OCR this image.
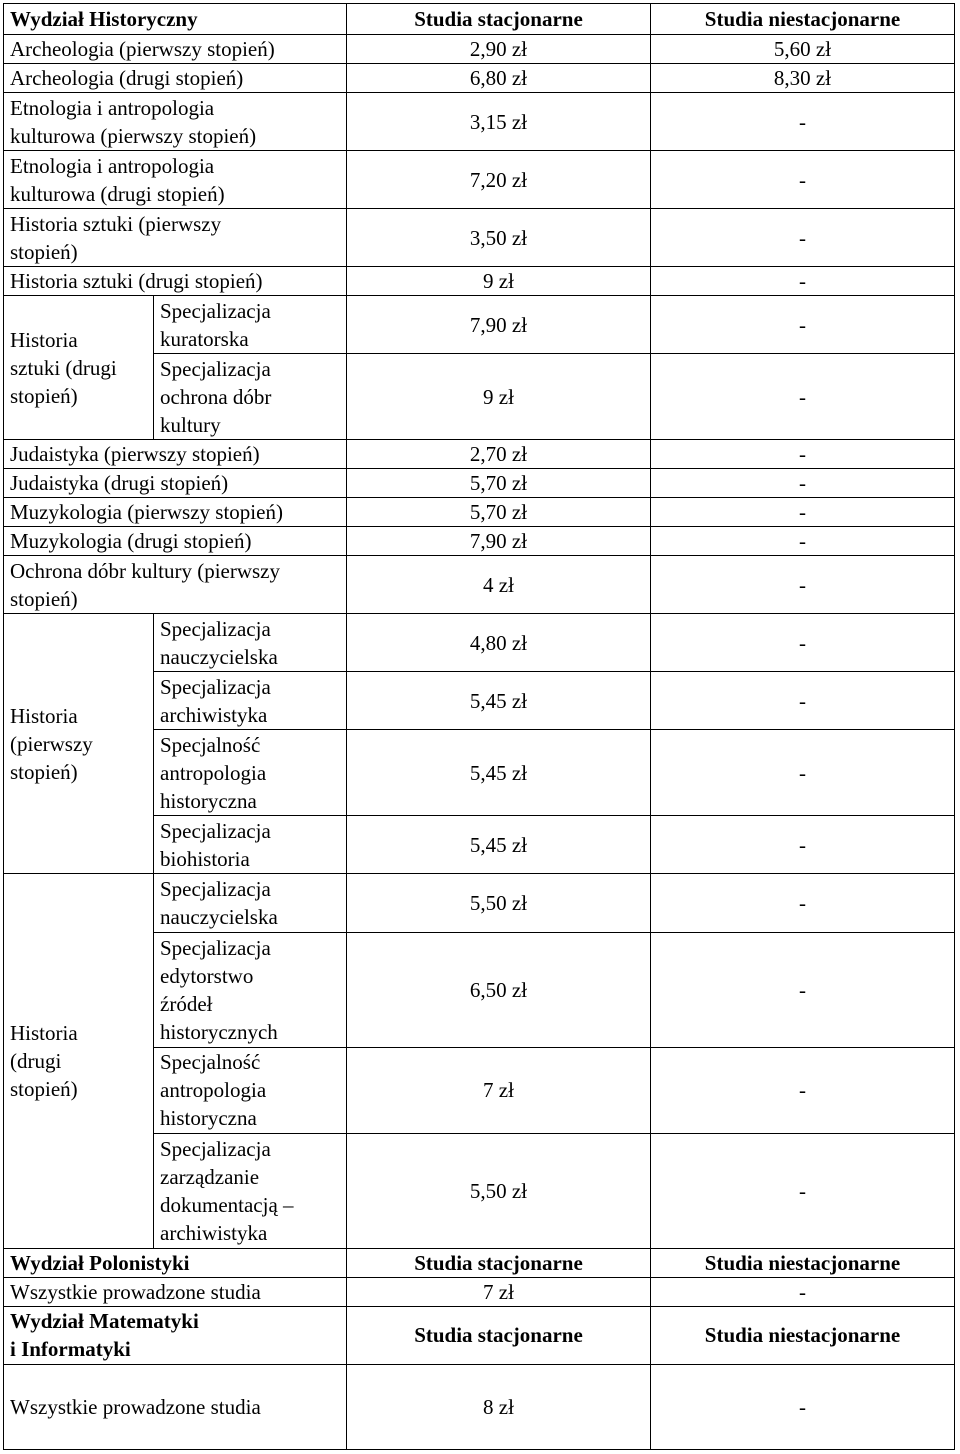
Wydział Historyczny		Studia stacjonarne	Studia niestacjonarne
Archeologia (pierwszy stopień)		2,90 zł	5,60 zł
Archeologia (drugi stopień)		6,80 zł	8,30 zł
Etnologia i antropologia
kulturowa (pierwszy stopień)		3,15 zł	-
Etnologia i antropologia
kulturowa (drugi stopień)		7,20 zł	-
Historia sztuki (pierwszy
stopień)		3,50 zł	-
Historia sztuki (drugi stopień)		9 zł	-
Historia
sztuki (drugi
stopień)	Specjalizacja
kuratorska	7,90 zł	-
	Specjalizacja
ochrona dóbr
kultury	9 zł	-
Judaistyka (pierwszy stopień)		2,70 zł	-
Judaistyka (drugi stopień)		5,70 zł	-
Muzykologia (pierwszy stopień)		5,70 zł	-
Muzykologia (drugi stopień)		7,90 zł	-
Ochrona dóbr kultury (pierwszy
stopień)		4 zł	-
Historia
(pierwszy
stopień)	Specjalizacja
nauczycielska	4,80 zł	-
	Specjalizacja
archiwistyka	5,45 zł	-
	Specjalność
antropologia
historyczna	5,45 zł	-
	Specjalizacja
biohistoria	5,45 zł	-
Historia
(drugi
stopień)	Specjalizacja
nauczycielska	5,50 zł	-
	Specjalizacja
edytorstwo
źródeł
historycznych	6,50 zł	-
	Specjalność
antropologia
historyczna	7 zł	-
	Specjalizacja
zarządzanie
dokumentacją –
archiwistyka	5,50 zł	-
Wydział Polonistyki		Studia stacjonarne	Studia niestacjonarne
Wszystkie prowadzone studia		7 zł	-
Wydział Matematyki
i Informatyki		Studia stacjonarne	Studia niestacjonarne
Wszystkie prowadzone studia		8 zł	-
